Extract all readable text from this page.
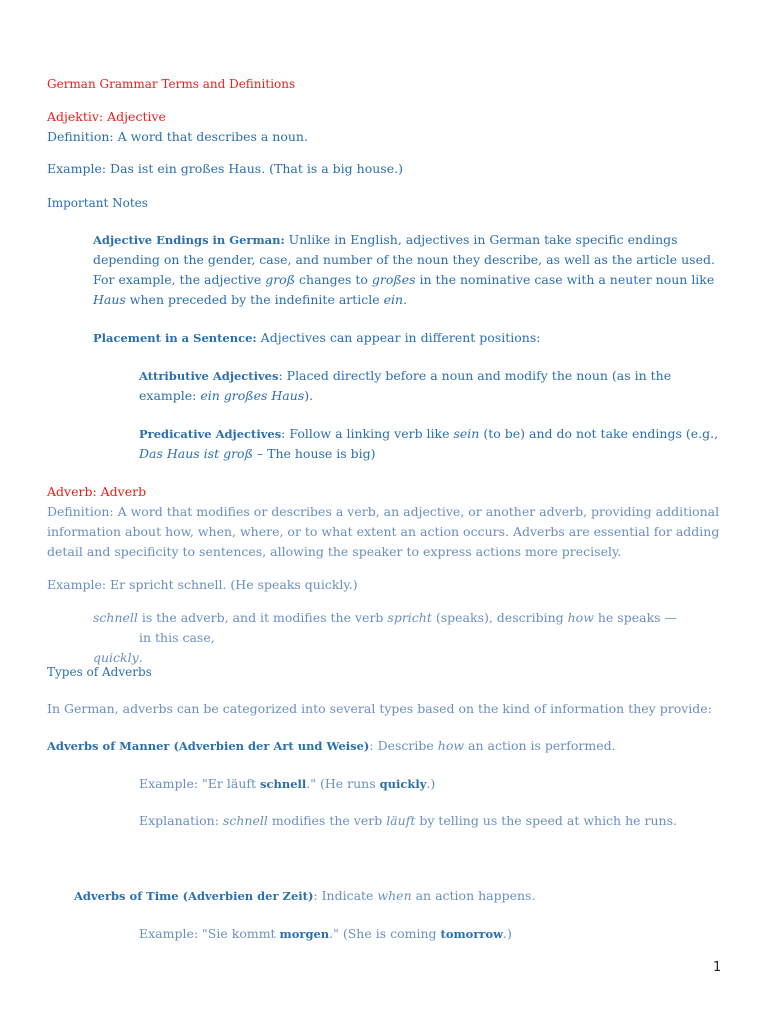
German Grammar Terms and Definitions

Adjektiv: Adjective

Definition: A word that describes a noun.

Example: Das ist ein großes Haus. (That is a big house.)

Important Notes

Adjective Endings in German: Unlike in English, adjectives in German take specific endings depending on the gender, case, and number of the noun they describe, as well as the article used. For example, the adjective groß changes to großes in the nominative case with a neuter noun like Haus when preceded by the indefinite article ein.

Placement in a Sentence: Adjectives can appear in different positions:

Attributive Adjectives: Placed directly before a noun and modify the noun (as in the example: ein großes Haus).

Predicative Adjectives: Follow a linking verb like sein (to be) and do not take endings (e.g., Das Haus ist groß – The house is big)

Adverb: Adverb

Definition: A word that modifies or describes a verb, an adjective, or another adverb, providing additional information about how, when, where, or to what extent an action occurs. Adverbs are essential for adding detail and specificity to sentences, allowing the speaker to express actions more precisely.

Example: Er spricht schnell. (He speaks quickly.)

schnell is the adverb, and it modifies the verb spricht (speaks), describing how he speaks —in this case,
quickly.

Types of Adverbs

In German, adverbs can be categorized into several types based on the kind of information they provide:

Adverbs of Manner (Adverbien der Art und Weise): Describe how an action is performed.

Example: "Er läuft schnell." (He runs quickly.)

Explanation: schnell modifies the verb läuft by telling us the speed at which he runs.

Adverbs of Time (Adverbien der Zeit): Indicate when an action happens.

Example: "Sie kommt morgen." (She is coming tomorrow.)

1
